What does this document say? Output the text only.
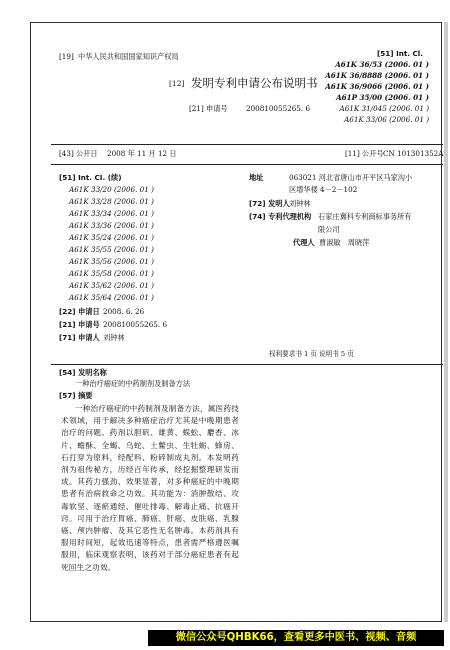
[19] 中华人民共和国国家知识产权局
[12] 发明专利申请公布说明书
[21] 申请号	200810055265. 6
[51] Int. Cl.
A61K 36/53 (2006. 01 )
A61K 36/8888 (2006. 01 )
A61K 36/9066 (2006. 01 )
A61P 35/00 (2006. 01 )
A61K 31/045 (2006. 01 )
A61K 33/06 (2006. 01 )
[43] 公开日 2008 年 11 月 12 日	[11] 公开号 CN 101301352A
[51] Int. CI. (续)
A61K 33/20 (2006. 01 )
A61K 33/28 (2006. 01 )
A61K 33/34 (2006. 01 )
A61K 33/36 (2006. 01 )
A61K 35/24 (2006. 01 )
A61K 35/55 (2006. 01 )
A61K 35/56 (2006. 01 )
A61K 35/58 (2006. 01 )
A61K 35/62 (2006. 01 )
A61K 35/64 (2006. 01 )
[22] 申请日 2008. 6. 26
[21] 申请号 200810055265. 6
[71] 申请人 刘钟林
地址	063021 河北省唐山市开平区马家沟小
区增华楼 4－2－102
[72] 发明人 刘钟林
[74] 专利代理机构 石家庄冀科专利商标事务所有
限公司
代理人 曹淑敏　周晓萍
权利要求书 1 页 说明书 5 页
[54] 发明名称
一种治疗癌症的中药制剂及制备方法
[57] 摘要

一种治疗癌症的中药制剂及制备方法，属医药技术领域，用于解决多种癌症治疗尤其是中晚期患者治疗的问题。药剂以胆矾、雄黄、蜈蚣、麝香、冰片、蟾酥、全蝎、乌蛇、土鳖虫、生牡蛎、蜂房、石打穿为原料，经配料、粉碎制成丸剂。本发明药剂为祖传秘方，历经百年传承，经挖掘整理研发而成。其药力强劲、效果显著，对多种癌症的中晚期患者有治病救命之功效。其功能为：消肿散结、攻毒软坚、逐瘀通经、催吐排毒、解毒止痛、抗癌开窍。可用于治疗胃癌、肺癌、肝癌、皮肤癌、乳腺癌、颅内肿瘤、及其它恶性无名肿毒。本药剂具有服用时间短，起效迅速等特点，患者需严格遵医嘱服用，临床观察表明，该药对于部分癌症患者有起死回生之功效。

微信公众号QHBK66，查看更多中医书、视频、音频
